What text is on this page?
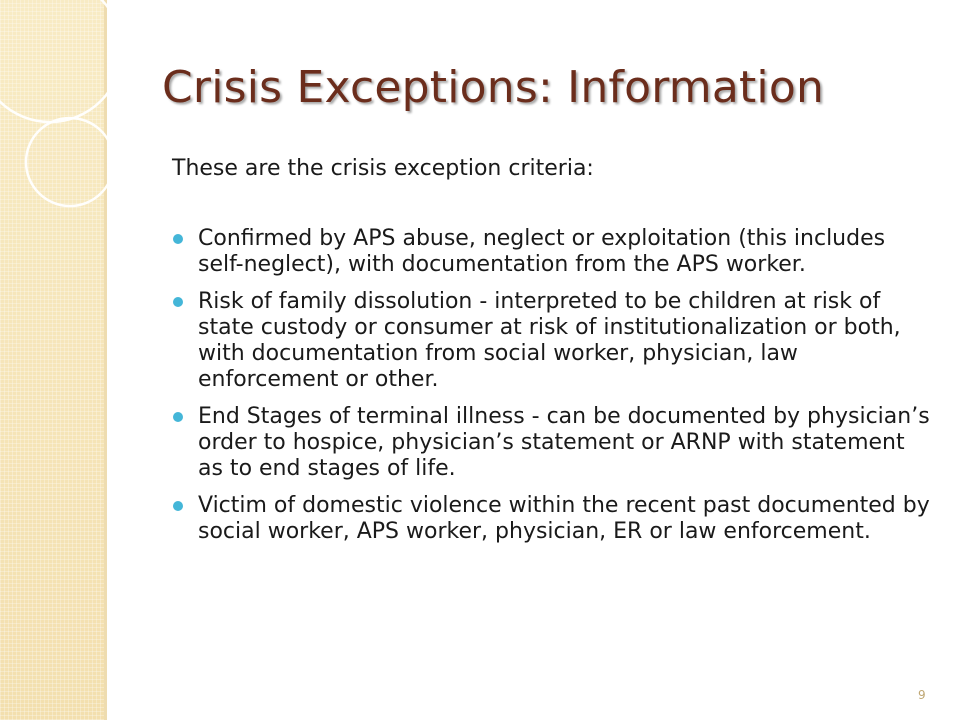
Crisis Exceptions: Information

These are the crisis exception criteria:

Confirmed by APS abuse, neglect or exploitation (this includes self-neglect), with documentation from the APS worker.
Risk of family dissolution - interpreted to be children at risk of state custody or consumer at risk of institutionalization or both, with documentation from social worker, physician, law enforcement or other.
End Stages of terminal illness - can be documented by physician’s order to hospice, physician’s statement or ARNP with statement as to end stages of life.
Victim of domestic violence within the recent past documented by social worker, APS worker, physician, ER or law enforcement.
9
